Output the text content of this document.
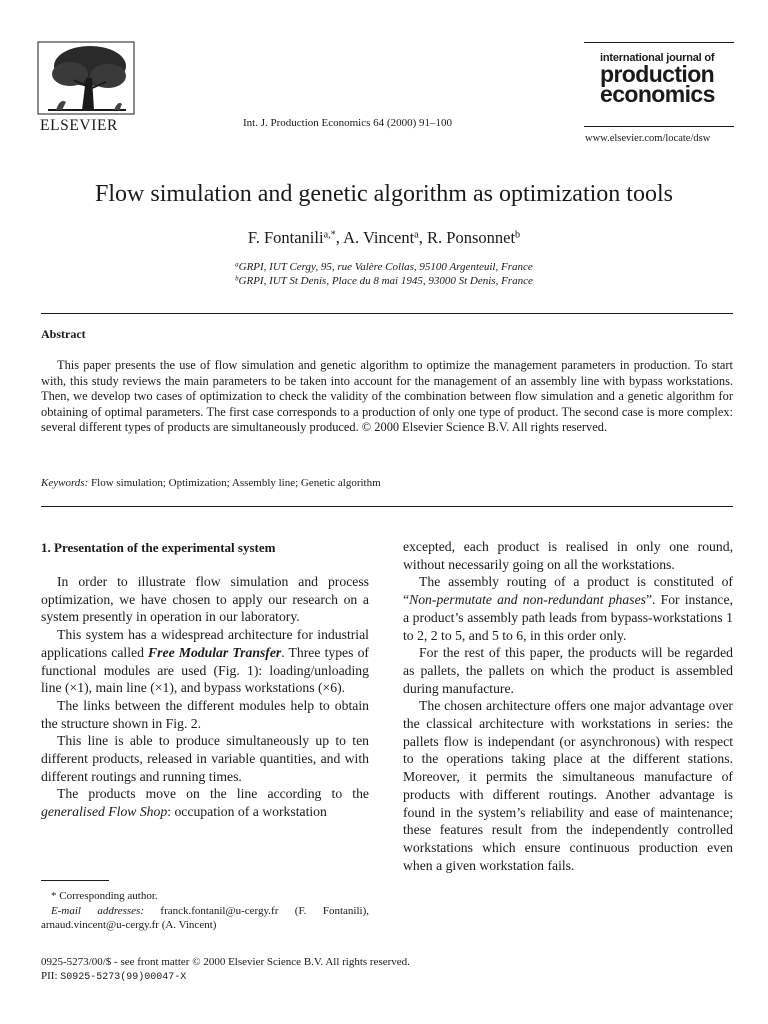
ELSEVIER	Int. J. Production Economics 64 (2000) 91–100
international journal of
production
economics
www.elsevier.com/locate/dsw
Flow simulation and genetic algorithm as optimization tools
F. Fontanili$^{a,*}$, A. Vincent$^a$, R. Ponsonnet$^b$
$^a$GRPI, IUT Cergy, 95, rue Valère Collas, 95100 Argenteuil, France
$^b$GRPI, IUT St Denis, Place du 8 mai 1945, 93000 St Denis, France
Abstract
This paper presents the use of flow simulation and genetic algorithm to optimize the management parameters in production. To start with, this study reviews the main parameters to be taken into account for the management of an assembly line with bypass workstations. Then, we develop two cases of optimization to check the validity of the combination between flow simulation and a genetic algorithm for obtaining of optimal parameters. The first case corresponds to a production of only one type of product. The second case is more complex: several different types of products are simultaneously produced. © 2000 Elsevier Science B.V. All rights reserved.
Keywords: Flow simulation; Optimization; Assembly line; Genetic algorithm
1. Presentation of the experimental system

In order to illustrate flow simulation and process optimization, we have chosen to apply our research on a system presently in operation in our laboratory.

This system has a widespread architecture for industrial applications called Free Modular Transfer. Three types of functional modules are used (Fig. 1): loading/unloading line (×1), main line (×1), and bypass workstations (×6).

The links between the different modules help to obtain the structure shown in Fig. 2.

This line is able to produce simultaneously up to ten different products, released in variable quantities, and with different routings and running times.

The products move on the line according to the generalised Flow Shop: occupation of a workstation

excepted, each product is realised in only one round, without necessarily going on all the workstations.

The assembly routing of a product is constituted of “Non-permutate and non-redundant phases”. For instance, a product’s assembly path leads from bypass-workstations 1 to 2, 2 to 5, and 5 to 6, in this order only.

For the rest of this paper, the products will be regarded as pallets, the pallets on which the product is assembled during manufacture.

The chosen architecture offers one major advantage over the classical architecture with workstations in series: the pallets flow is independant (or asynchronous) with respect to the operations taking place at the different stations. Moreover, it permits the simultaneous manufacture of products with different routings. Another advantage is found in the system’s reliability and ease of maintenance; these features result from the independently controlled workstations which ensure continuous production even when a given workstation fails.

* Corresponding author.

E-mail addresses: franck.fontanil@u-cergy.fr (F. Fontanili), arnaud.vincent@u-cergy.fr (A. Vincent)

0925-5273/00/$ - see front matter © 2000 Elsevier Science B.V. All rights reserved.
PII: S0925-5273(99)00047-X
